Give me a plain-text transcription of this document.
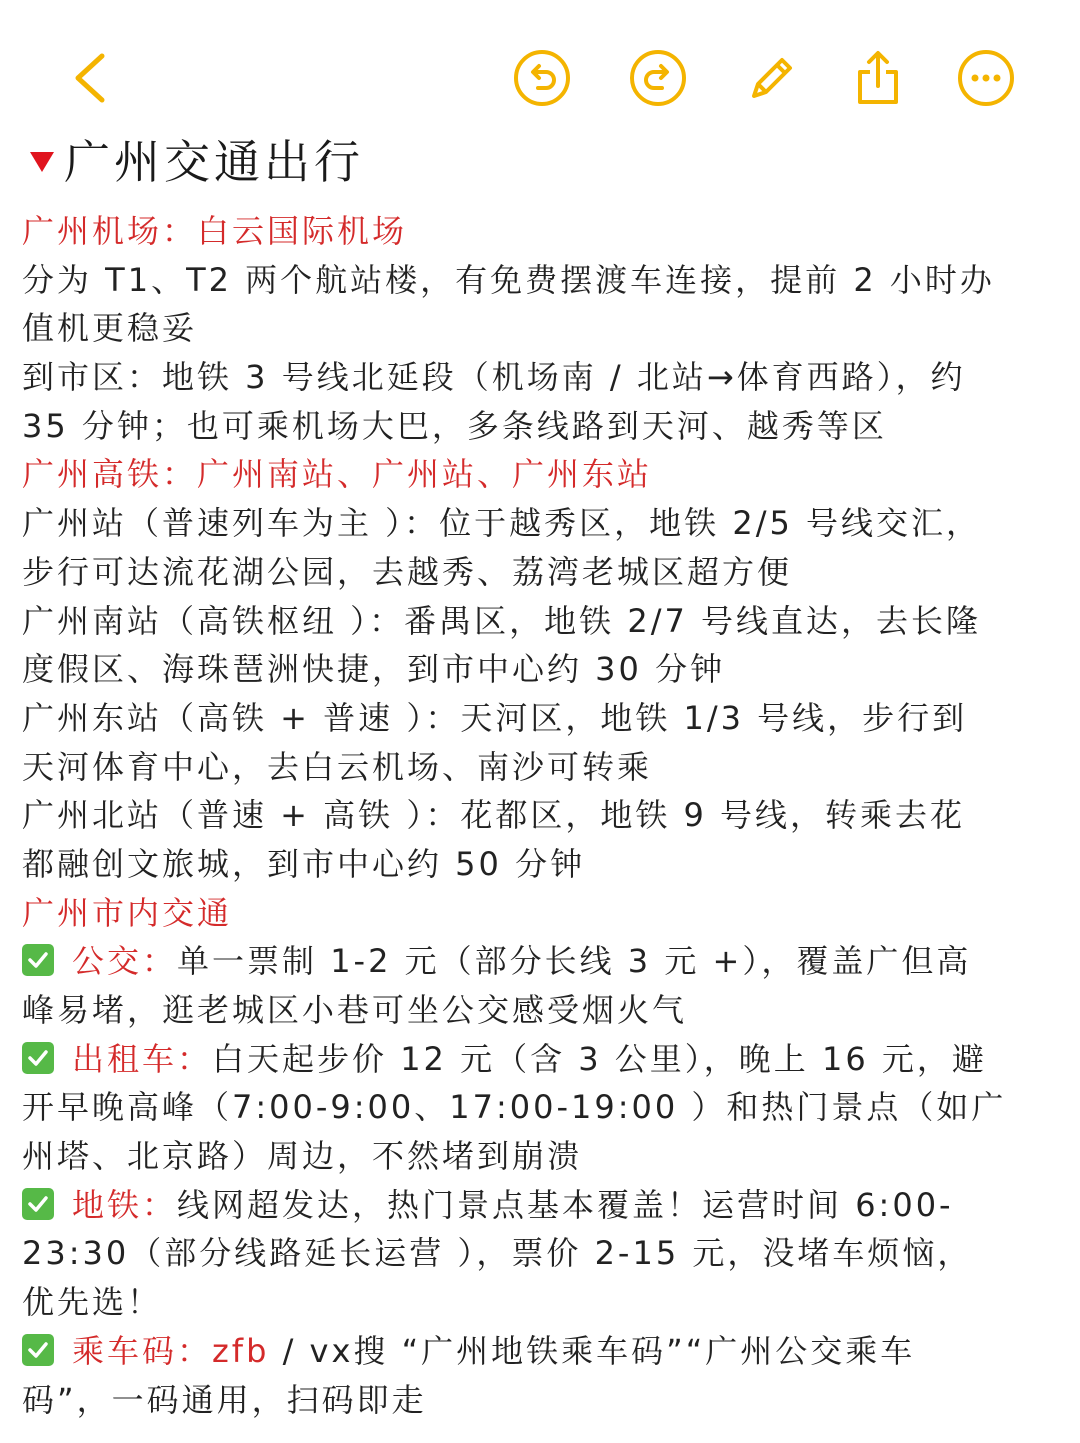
广州交通出行
广州机场：白云国际机场
分为 T1、T2 两个航站楼，有免费摆渡车连接，提前 2 小时办
值机更稳妥
到市区：地铁 3 号线北延段（机场南 / 北站→体育西路），约
35 分钟；也可乘机场大巴，多条线路到天河、越秀等区
广州高铁：广州南站、广州站、广州东站
广州站（普速列车为主 ）：位于越秀区，地铁 2/5 号线交汇，
步行可达流花湖公园，去越秀、荔湾老城区超方便
广州南站（高铁枢纽 ）：番禺区，地铁 2/7 号线直达，去长隆
度假区、海珠琶洲快捷，到市中心约 30 分钟
广州东站（高铁 + 普速 ）：天河区，地铁 1/3 号线，步行到
天河体育中心，去白云机场、南沙可转乘
广州北站（普速 + 高铁 ）：花都区，地铁 9 号线，转乘去花
都融创文旅城，到市中心约 50 分钟
广州市内交通
公交：单一票制 1-2 元（部分长线 3 元 +），覆盖广但高
峰易堵，逛老城区小巷可坐公交感受烟火气
出租车：白天起步价 12 元（含 3 公里），晚上 16 元，避
开早晚高峰（7:00-9:00、17:00-19:00 ）和热门景点（如广
州塔、北京路）周边，不然堵到崩溃
地铁：线网超发达，热门景点基本覆盖！运营时间 6:00-
23:30（部分线路延长运营 ），票价 2-15 元，没堵车烦恼，
优先选！
乘车码：zfb / vx搜 “广州地铁乘车码”“广州公交乘车
码”，一码通用，扫码即走
